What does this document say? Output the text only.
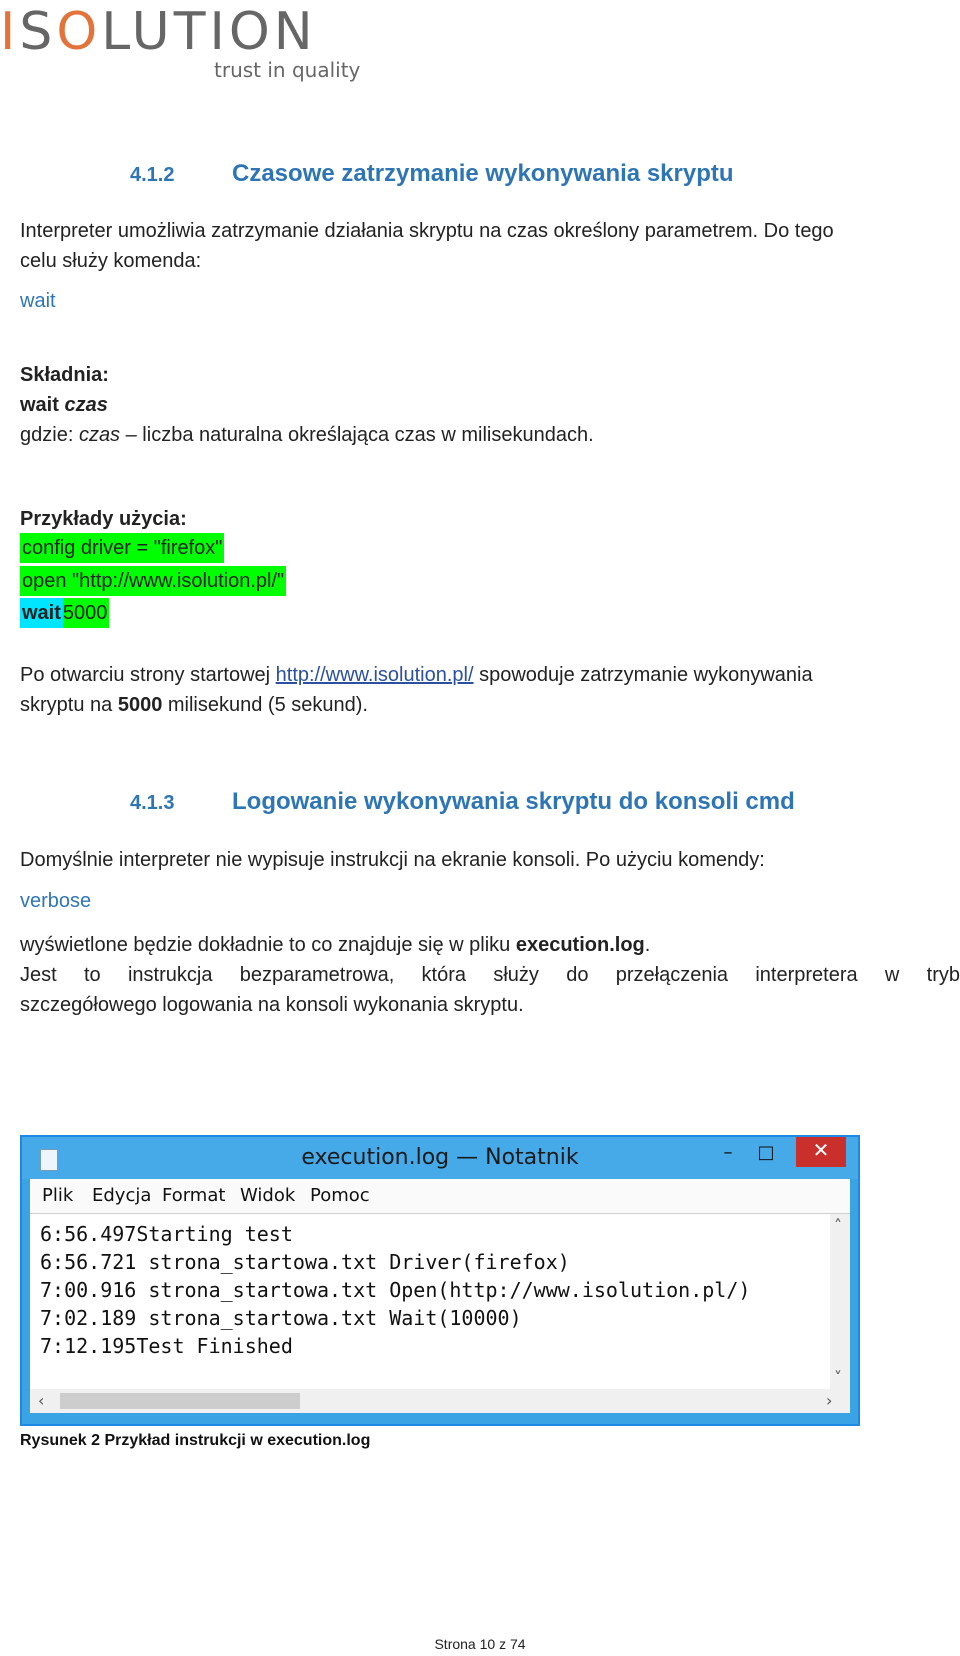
ISOLUTION
trust in quality
4.1.2 Czasowe zatrzymanie wykonywania skryptu
Interpreter umożliwia zatrzymanie działania skryptu na czas określony parametrem. Do tego
celu służy komenda:
wait
Składnia:
wait czas
gdzie: czas – liczba naturalna określająca czas w milisekundach.
Przykłady użycia:
config driver = "firefox"
open "http://www.isolution.pl/"
wait5000
Po otwarciu strony startowej http://www.isolution.pl/ spowoduje zatrzymanie wykonywania
skryptu na 5000 milisekund (5 sekund).
4.1.3 Logowanie wykonywania skryptu do konsoli cmd
Domyślnie interpreter nie wypisuje instrukcji na ekranie konsoli. Po użyciu komendy:
verbose
wyświetlone będzie dokładnie to co znajduje się w pliku execution.log.
Jest to instrukcja bezparametrowa, która służy do przełączenia interpretera w tryb
szczegółowego logowania na konsoli wykonania skryptu.
execution.log — Notatnik	–	□	✕
Plik Edycja Format Widok Pomoc
6:56.497Starting test
6:56.721 strona_startowa.txt Driver(firefox)
7:00.916 strona_startowa.txt Open(http://www.isolution.pl/)
7:02.189 strona_startowa.txt Wait(10000)
7:12.195Test Finished
˄
˅
‹	›
Rysunek 2 Przykład instrukcji w execution.log
Strona 10 z 74
